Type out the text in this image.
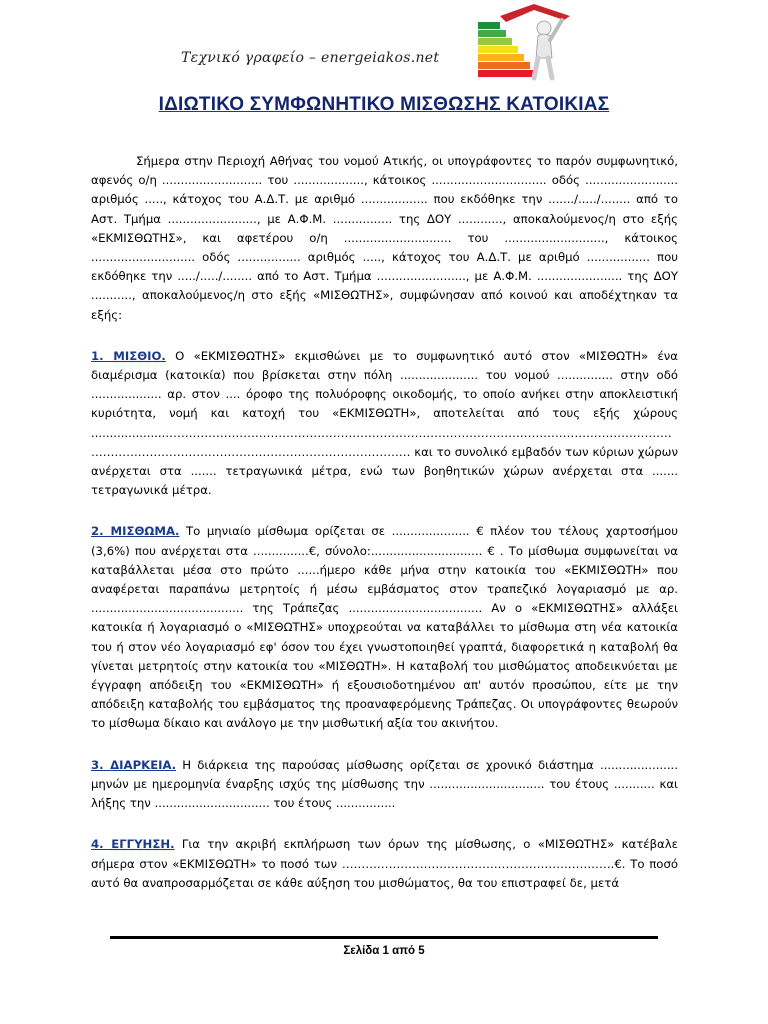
Τεχνικό γραφείο – energeiakos.net
ΙΔΙΩΤΙΚΟ ΣΥΜΦΩΝΗΤΙΚΟ ΜΙΣΘΩΣΗΣ ΚΑΤΟΙΚΙΑΣ

Σήμερα στην Περιοχή Αθήνας του νομού Ατικής, οι υπογράφοντες το παρόν συμφωνητικό, αφενός ο/η ........................... του ..................., κάτοικος ............................... οδός ......................... αριθμός ....., κάτοχος του Α.Δ.Τ. με αριθμό .................. που εκδόθηκε την ......./...../........ από το Αστ. Τμήμα ........................, με Α.Φ.Μ. ................ της ΔΟΥ ............, αποκαλούμενος/η στο εξής «ΕΚΜΙΣΘΩΤΗΣ», και αφετέρου ο/η ............................. του ..........................., κάτοικος ............................ οδός ................. αριθμός ....., κάτοχος του Α.Δ.Τ. με αριθμό ................. που εκδόθηκε την ...../...../........ από το Αστ. Τμήμα ........................, με Α.Φ.Μ. ....................... της ΔΟΥ ..........., αποκαλούμενος/η στο εξής «ΜΙΣΘΩΤΗΣ», συμφώνησαν από κοινού και αποδέχτηκαν τα εξής:

1. ΜΙΣΘΙΟ. Ο «ΕΚΜΙΣΘΩΤΗΣ» εκμισθώνει με το συμφωνητικό αυτό στον «ΜΙΣΘΩΤΗ» ένα διαμέρισμα (κατοικία) που βρίσκεται στην πόλη ..................... του νομού ............... στην οδό ................... αρ. στον .... όροφο της πολυόροφης οικοδομής, το οποίο ανήκει στην αποκλειστική κυριότητα, νομή και κατοχή του «ΕΚΜΙΣΘΩΤΗ», αποτελείται από τους εξής χώρους ....................…………………………………………………………………………………………………………………. ………………………………………………………………………. και το συνολικό εμβαδόν των κύριων χώρων ανέρχεται στα ....... τετραγωνικά μέτρα, ενώ των βοηθητικών χώρων ανέρχεται στα ....... τετραγωνικά μέτρα.

2. ΜΙΣΘΩΜΑ. Το μηνιαίο μίσθωμα ορίζεται σε ..................... € πλέον του τέλους χαρτοσήμου (3,6%) που ανέρχεται στα ...............€, σύνολο:.............................. € . Το μίσθωμα συμφωνείται να καταβάλλεται μέσα στο πρώτο ......ήμερο κάθε μήνα στην κατοικία του «ΕΚΜΙΣΘΩΤΗ» που αναφέρεται παραπάνω μετρητοίς ή μέσω εμβάσματος στον τραπεζικό λογαριασμό με αρ. ......................................... της Τράπεζας .................................... Αν ο «ΕΚΜΙΣΘΩΤΗΣ» αλλάξει κατοικία ή λογαριασμό ο «ΜΙΣΘΩΤΗΣ» υποχρεούται να καταβάλλει το μίσθωμα στη νέα κατοικία του ή στον νέο λογαριασμό εφ' όσον του έχει γνωστοποιηθεί γραπτά, διαφορετικά η καταβολή θα γίνεται μετρητοίς στην κατοικία του «ΜΙΣΘΩΤΗ». Η καταβολή του μισθώματος αποδεικνύεται με έγγραφη απόδειξη του «ΕΚΜΙΣΘΩΤΗ» ή εξουσιοδοτημένου απ' αυτόν προσώπου, είτε με την απόδειξη καταβολής του εμβάσματος της προαναφερόμενης Τράπεζας. Οι υπογράφοντες θεωρούν το μίσθωμα δίκαιο και ανάλογο με την μισθωτική αξία του ακινήτου.

3. ΔΙΑΡΚΕΙΑ. Η διάρκεια της παρούσας μίσθωσης ορίζεται σε χρονικό διάστημα ..................... μηνών με ημερομηνία έναρξης ισχύς της μίσθωσης την ............................... του έτους ........... και λήξης την ............................... του έτους ................

4. ΕΓΓΥΗΣΗ. Για την ακριβή εκπλήρωση των όρων της μίσθωσης, ο «ΜΙΣΘΩΤΗΣ» κατέβαλε σήμερα στον «ΕΚΜΙΣΘΩΤΗ» το ποσό των …………………………………………………………….€. Το ποσό αυτό θα αναπροσαρμόζεται σε κάθε αύξηση του μισθώματος, θα του επιστραφεί δε, μετά

Σελίδα 1 από 5
